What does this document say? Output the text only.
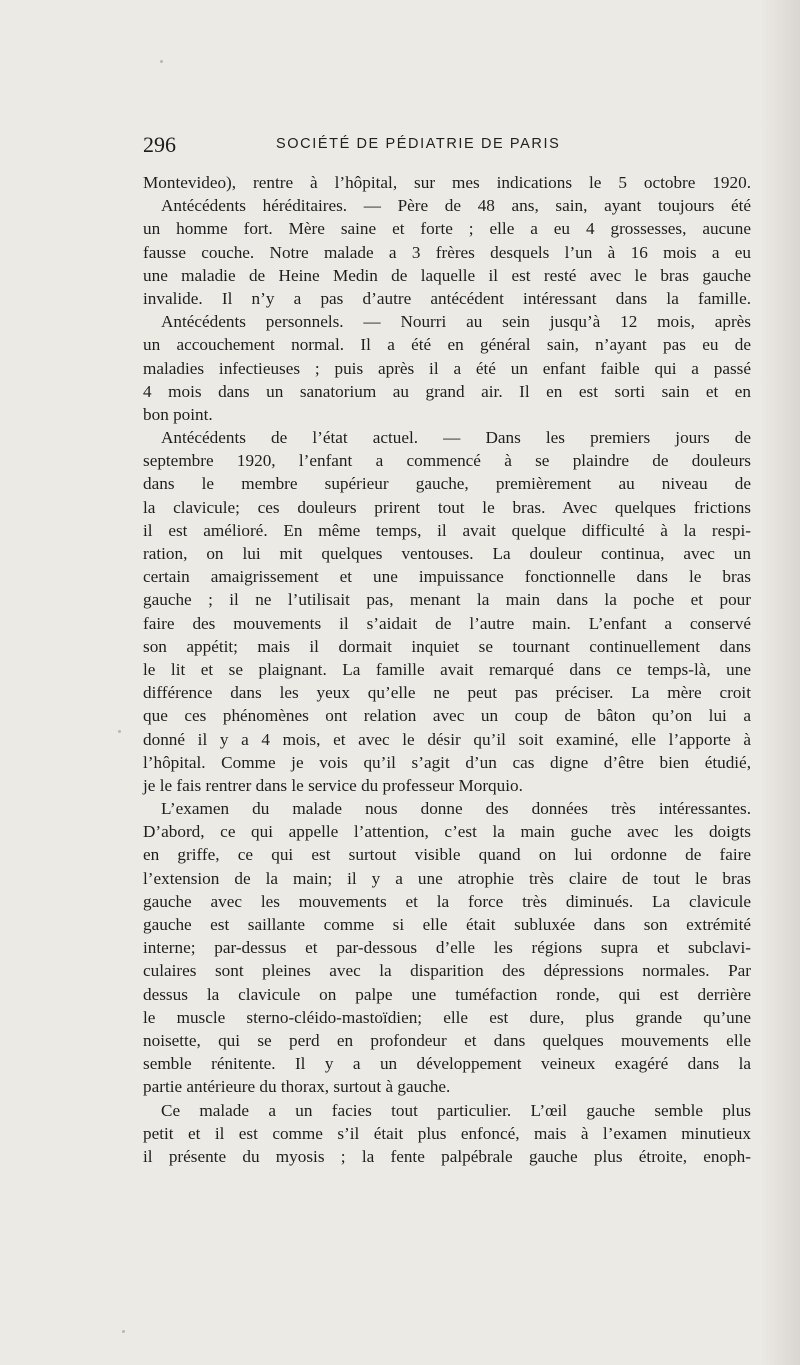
296	SOCIÉTÉ DE PÉDIATRIE DE PARIS
Montevideo), rentre à l’hôpital, sur mes indications le 5 octobre 1920.
Antécédents héréditaires. — Père de 48 ans, sain, ayant toujours été
un homme fort. Mère saine et forte ; elle a eu 4 grossesses, aucune
fausse couche. Notre malade a 3 frères desquels l’un à 16 mois a eu
une maladie de Heine Medin de laquelle il est resté avec le bras gauche
invalide. Il n’y a pas d’autre antécédent intéressant dans la famille.
Antécédents personnels. — Nourri au sein jusqu’à 12 mois, après
un accouchement normal. Il a été en général sain, n’ayant pas eu de
maladies infectieuses ; puis après il a été un enfant faible qui a passé
4 mois dans un sanatorium au grand air. Il en est sorti sain et en
bon point.
Antécédents de l’état actuel. — Dans les premiers jours de
septembre 1920, l’enfant a commencé à se plaindre de douleurs
dans le membre supérieur gauche, premièrement au niveau de
la clavicule; ces douleurs prirent tout le bras. Avec quelques frictions
il est amélioré. En même temps, il avait quelque difficulté à la respi-
ration, on lui mit quelques ventouses. La douleur continua, avec un
certain amaigrissement et une impuissance fonctionnelle dans le bras
gauche ; il ne l’utilisait pas, menant la main dans la poche et pour
faire des mouvements il s’aidait de l’autre main. L’enfant a conservé
son appétit; mais il dormait inquiet se tournant continuellement dans
le lit et se plaignant. La famille avait remarqué dans ce temps-là, une
différence dans les yeux qu’elle ne peut pas préciser. La mère croit
que ces phénomènes ont relation avec un coup de bâton qu’on lui a
donné il y a 4 mois, et avec le désir qu’il soit examiné, elle l’apporte à
l’hôpital. Comme je vois qu’il s’agit d’un cas digne d’être bien étudié,
je le fais rentrer dans le service du professeur Morquio.
L’examen du malade nous donne des données très intéressantes.
D’abord, ce qui appelle l’attention, c’est la main guche avec les doigts
en griffe, ce qui est surtout visible quand on lui ordonne de faire
l’extension de la main; il y a une atrophie très claire de tout le bras
gauche avec les mouvements et la force très diminués. La clavicule
gauche est saillante comme si elle était subluxée dans son extrémité
interne; par-dessus et par-dessous d’elle les régions supra et subclavi-
culaires sont pleines avec la disparition des dépressions normales. Par
dessus la clavicule on palpe une tuméfaction ronde, qui est derrière
le muscle sterno-cléido-mastoïdien; elle est dure, plus grande qu’une
noisette, qui se perd en profondeur et dans quelques mouvements elle
semble rénitente. Il y a un développement veineux exagéré dans la
partie antérieure du thorax, surtout à gauche.
Ce malade a un facies tout particulier. L’œil gauche semble plus
petit et il est comme s’il était plus enfoncé, mais à l’examen minutieux
il présente du myosis ; la fente palpébrale gauche plus étroite, enoph-
